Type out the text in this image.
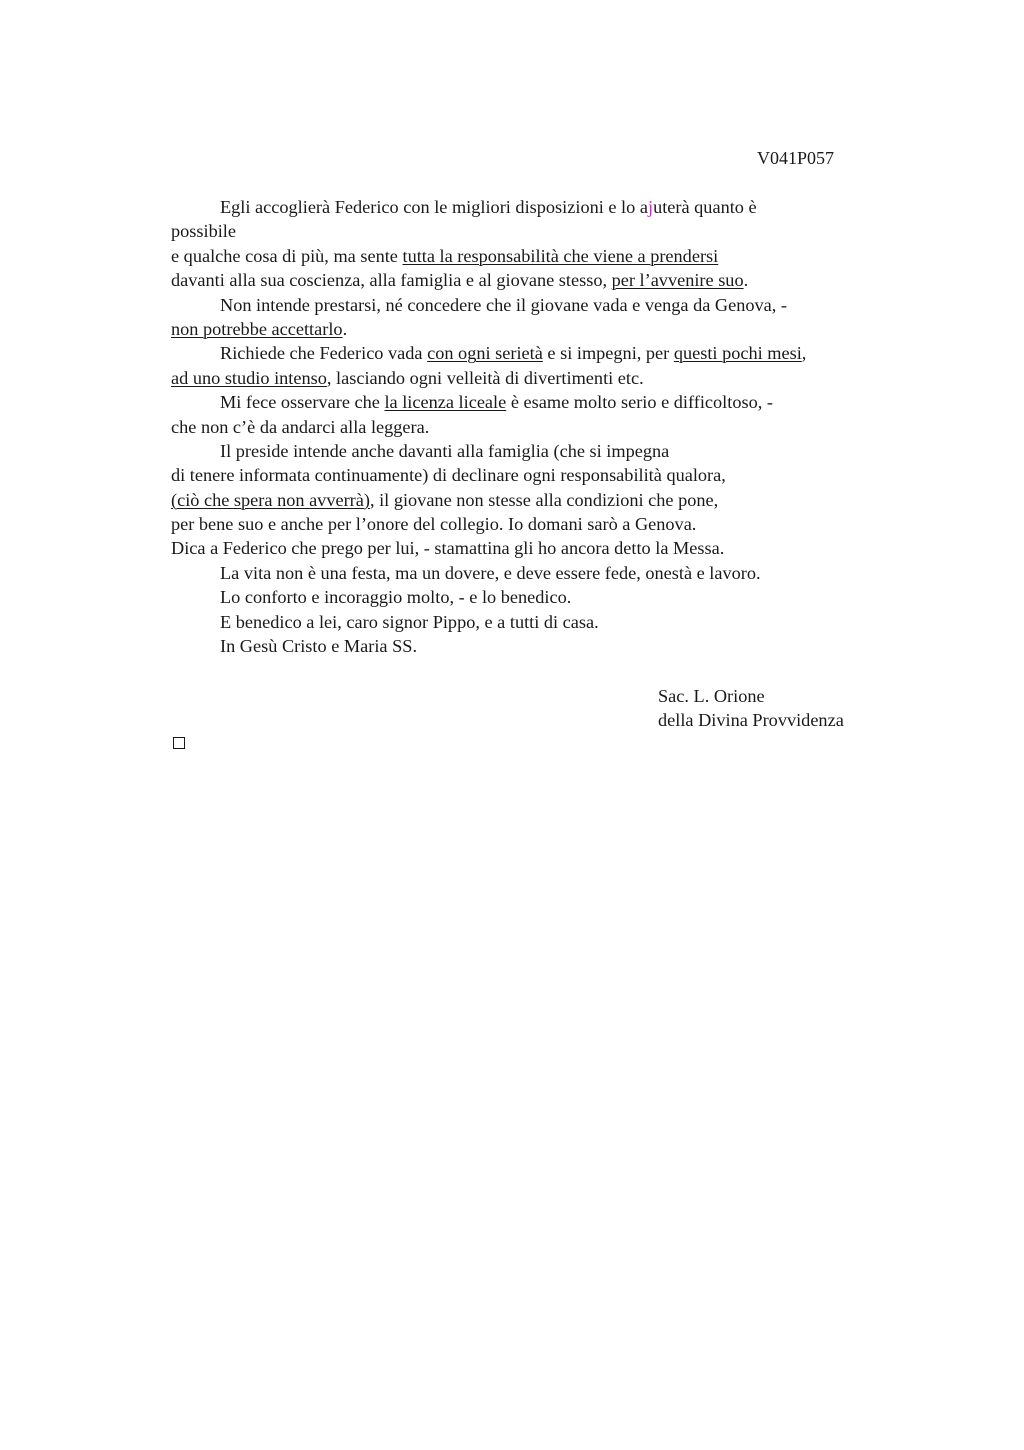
V041P057
Egli accoglierà Federico con le migliori disposizioni e lo ajuterà quanto è
possibile
e qualche cosa di più, ma sente tutta la responsabilità che viene a prendersi
davanti alla sua coscienza, alla famiglia e al giovane stesso, per l’avvenire suo.
Non intende prestarsi, né concedere che il giovane vada e venga da Genova, -
non potrebbe accettarlo.
Richiede che Federico vada con ogni serietà e si impegni, per questi pochi mesi,
ad uno studio intenso, lasciando ogni velleità di divertimenti etc.
Mi fece osservare che la licenza liceale è esame molto serio e difficoltoso, -
che non c’è da andarci alla leggera.
Il preside intende anche davanti alla famiglia (che si impegna
di tenere informata continuamente) di declinare ogni responsabilità qualora,
(ciò che spera non avverrà), il giovane non stesse alla condizioni che pone,
per bene suo e anche per l’onore del collegio. Io domani sarò a Genova.
Dica a Federico che prego per lui, - stamattina gli ho ancora detto la Messa.
La vita non è una festa, ma un dovere, e deve essere fede, onestà e lavoro.
Lo conforto e incoraggio molto, - e lo benedico.
E benedico a lei, caro signor Pippo, e a tutti di casa.
In Gesù Cristo e Maria SS.
Sac. L. Orione
della Divina Provvidenza
